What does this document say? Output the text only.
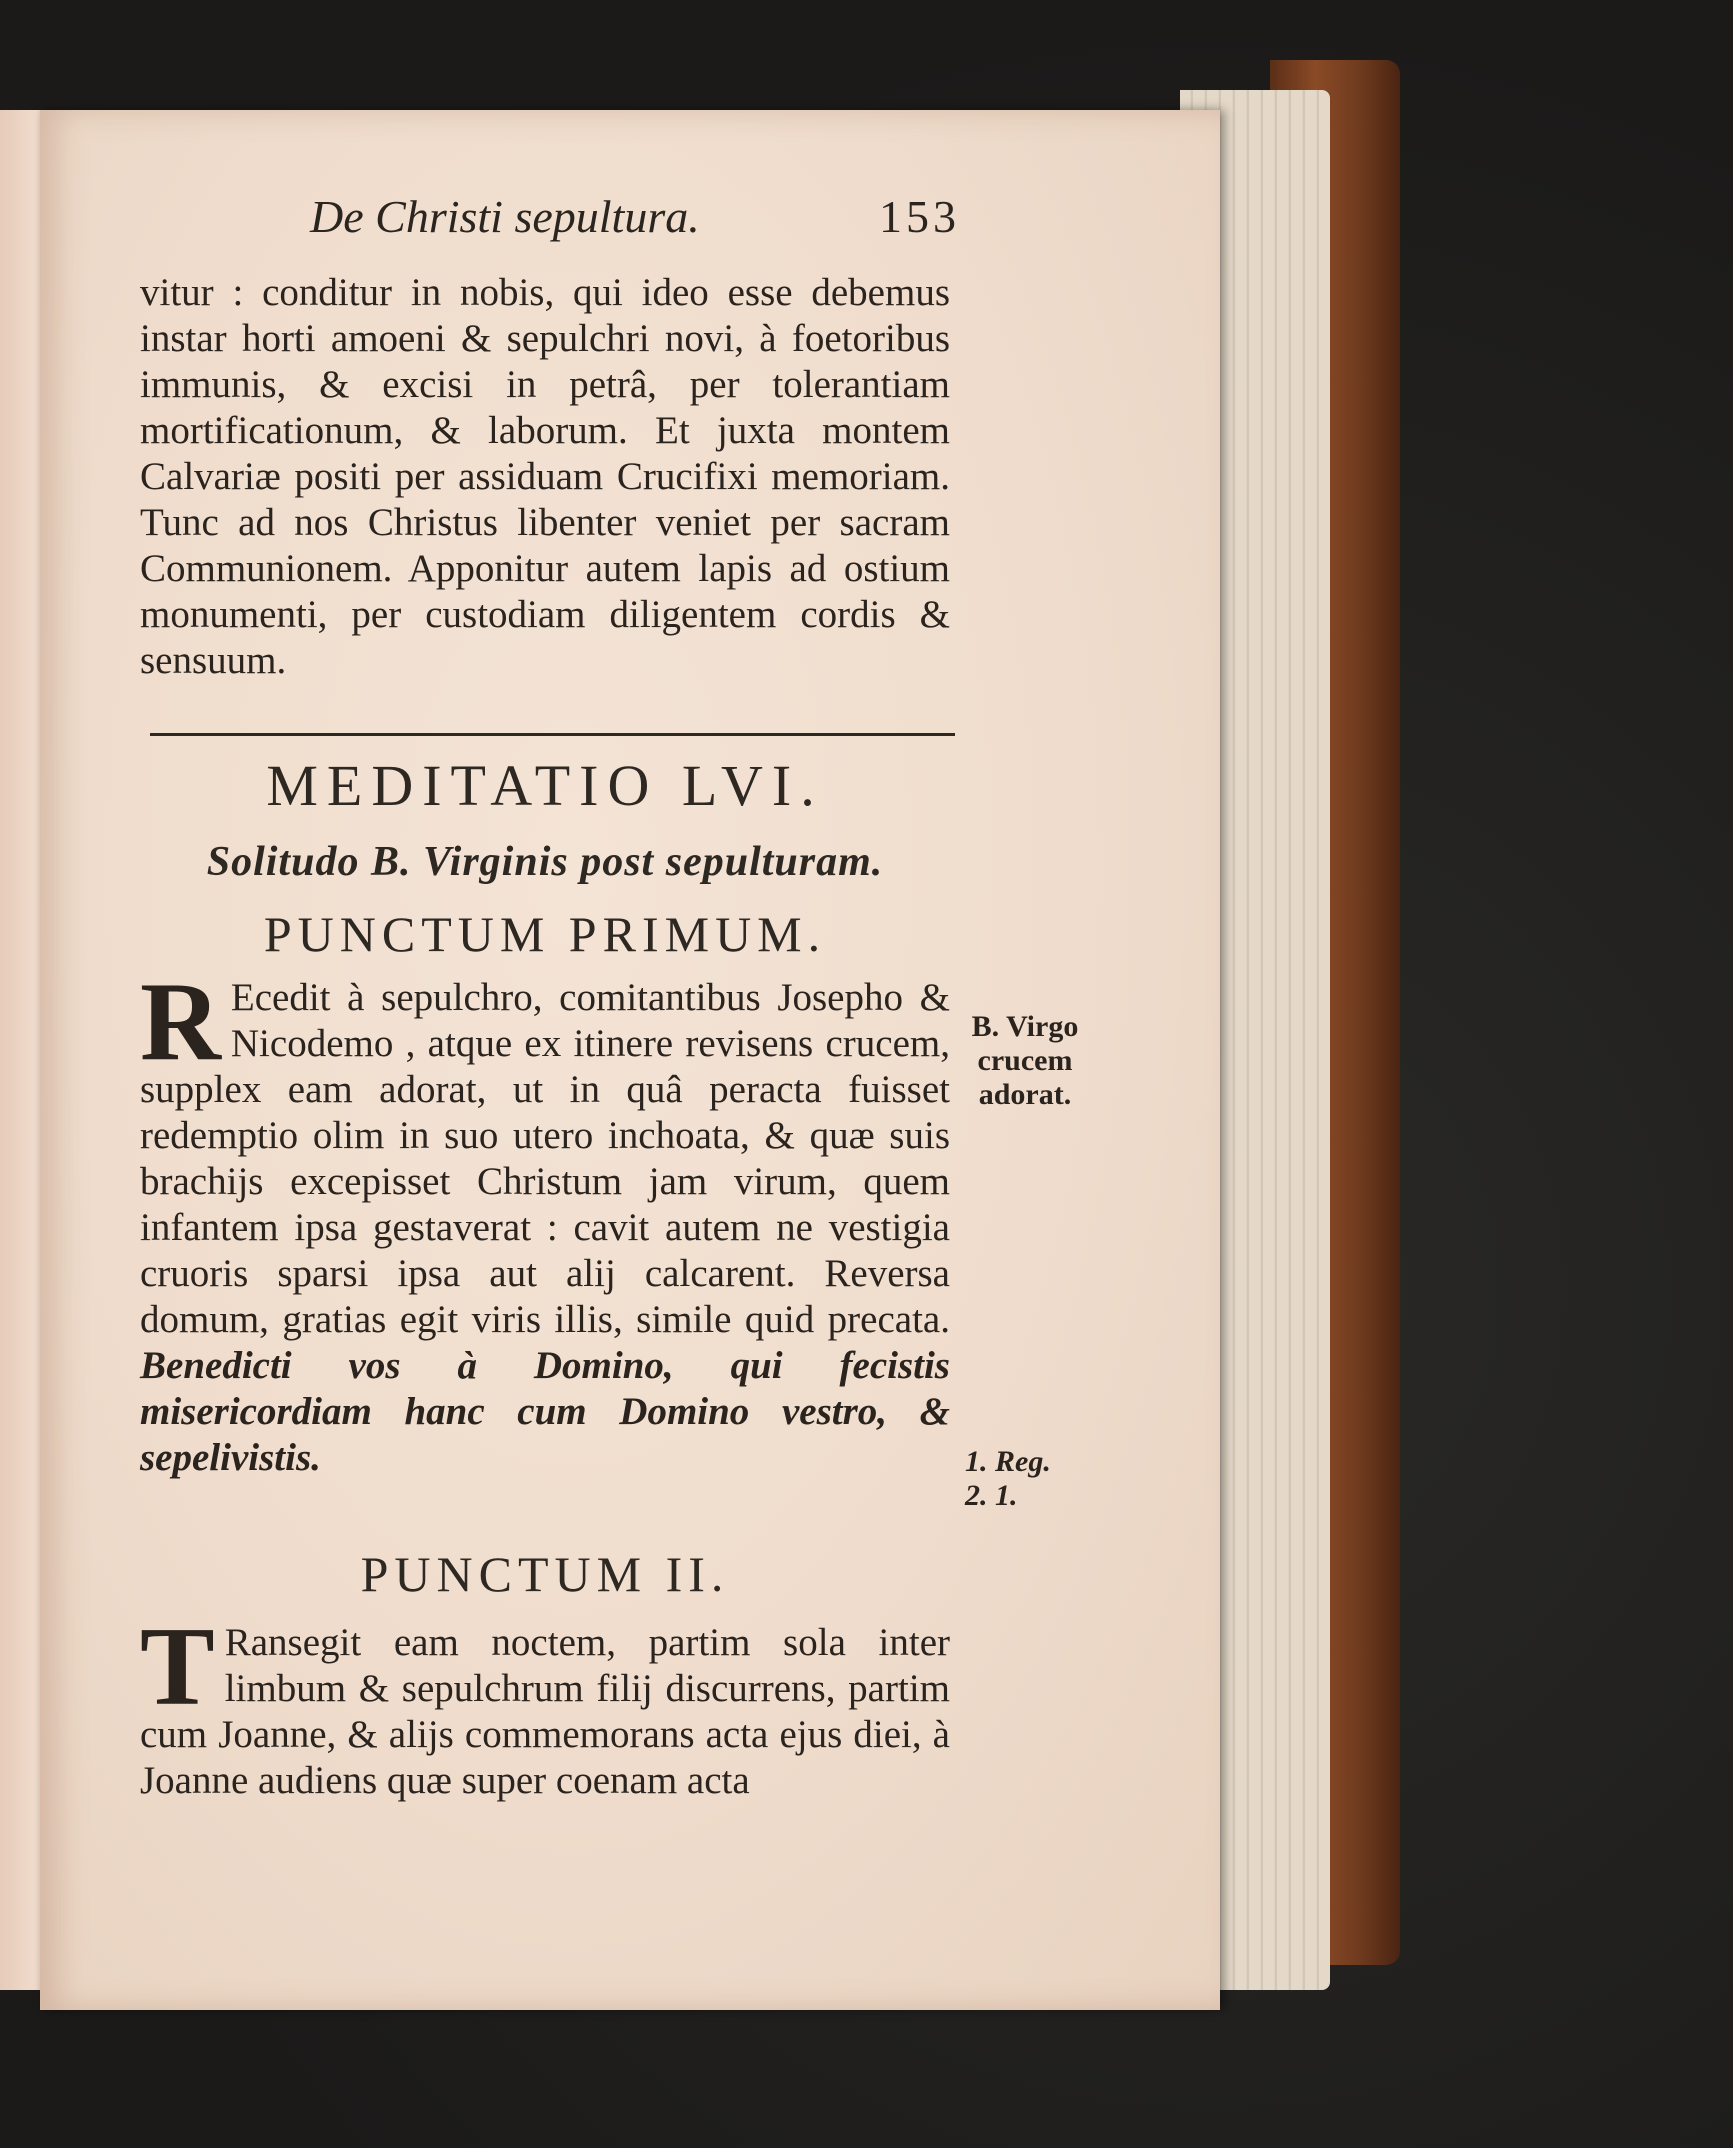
De Christi sepultura.	153

vitur : conditur in nobis, qui ideo esse debemus instar horti amoeni & sepulchri novi, à foetoribus immunis, & excisi in petrâ, per tolerantiam mortificationum, & laborum. Et juxta montem Calvariæ positi per assiduam Crucifixi memoriam. Tunc ad nos Christus libenter veniet per sacram Communionem. Apponitur autem lapis ad ostium monumenti, per custodiam diligentem cordis & sensuum.

MEDITATIO LVI.
Solitudo B. Virginis post sepulturam.
PUNCTUM PRIMUM.

R Ecedit à sepulchro, comitantibus Josepho & Nicodemo , atque ex itinere revisens crucem, supplex eam adorat, ut in quâ peracta fuisset redemptio olim in suo utero inchoata, & quæ suis brachijs excepisset Christum jam virum, quem infantem ipsa gestaverat : cavit autem ne vestigia cruoris sparsi ipsa aut alij calcarent. Reversa domum, gratias egit viris illis, simile quid precata. Benedicti vos à Domino, qui fecistis misericordiam hanc cum Domino vestro, & sepelivistis.

PUNCTUM II.

T Ransegit eam noctem, partim sola inter limbum & sepulchrum filij discurrens, partim cum Joanne, & alijs commemorans acta ejus diei, à Joanne audiens quæ super coenam acta

B. Virgo crucem adorat.
1. Reg. 2. 1.
